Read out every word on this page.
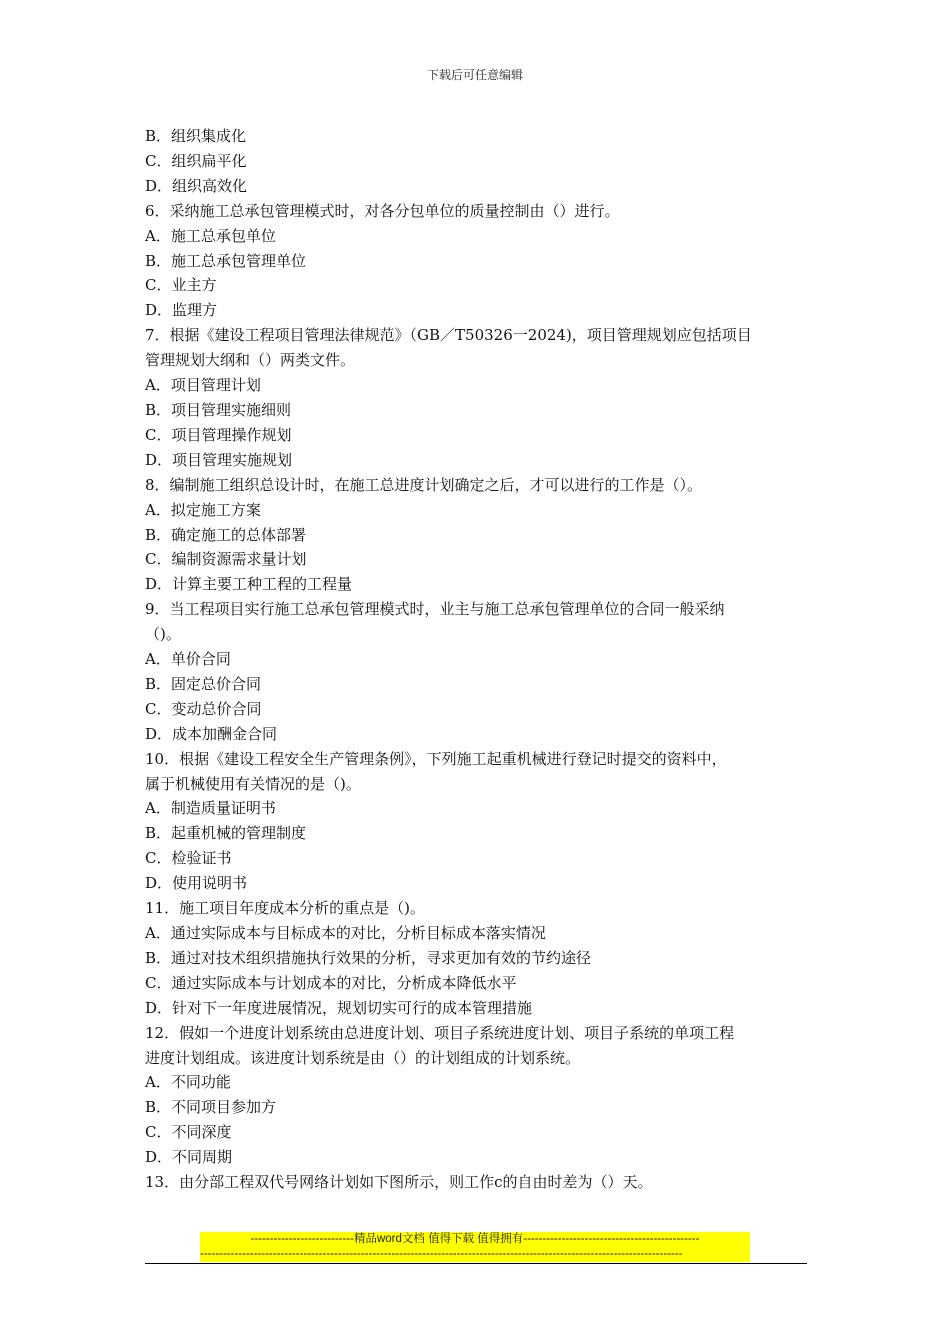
下载后可任意编辑
B．组织集成化
C．组织扁平化
D．组织高效化
6．采纳施工总承包管理模式时，对各分包单位的质量控制由（）进行。
A．施工总承包单位
B．施工总承包管理单位
C．业主方
D．监理方
7．根据《建设工程项目管理法律规范》（GB／T50326一2024)，项目管理规划应包括项目
管理规划大纲和（）两类文件。
A．项目管理计划
B．项目管理实施细则
C．项目管理操作规划
D．项目管理实施规划
8．编制施工组织总设计时，在施工总进度计划确定之后，才可以进行的工作是（）。
A．拟定施工方案
B．确定施工的总体部署
C．编制资源需求量计划
D．计算主要工种工程的工程量
9．当工程项目实行施工总承包管理模式时，业主与施工总承包管理单位的合同一般采纳
（)。
A．单价合同
B．固定总价合同
C．变动总价合同
D．成本加酬金合同
10．根据《建设工程安全生产管理条例》，下列施工起重机械进行登记时提交的资料中，
属于机械使用有关情况的是（)。
A．制造质量证明书
B．起重机械的管理制度
C．检验证书
D．使用说明书
11．施工项目年度成本分析的重点是（)。
A．通过实际成本与目标成本的对比，分析目标成本落实情况
B．通过对技术组织措施执行效果的分析，寻求更加有效的节约途径
C．通过实际成本与计划成本的对比，分析成本降低水平
D．针对下一年度进展情况，规划切实可行的成本管理措施
12．假如一个进度计划系统由总进度计划、项目子系统进度计划、项目子系统的单项工程
进度计划组成。该进度计划系统是由（）的计划组成的计划系统。
A．不同功能
B．不同项目参加方
C．不同深度
D．不同周期
13．由分部工程双代号网络计划如下图所示，则工作c的自由时差为（）天。
---------------------------精品word文档 值得下载 值得拥有----------------------------------------------
------------------------------------------------------------------------------------------------------------------------------
